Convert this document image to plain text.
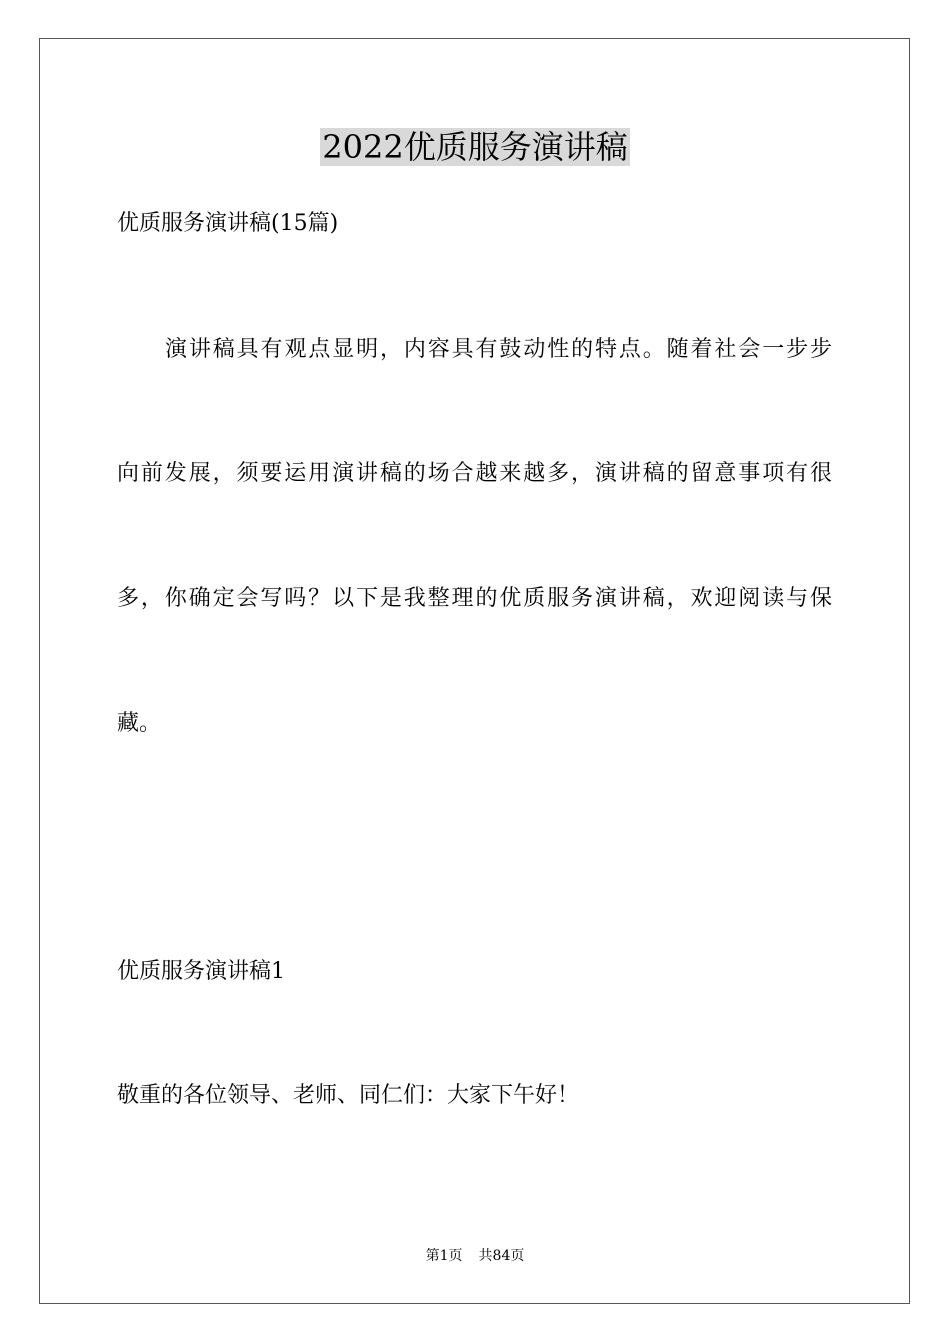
2022优质服务演讲稿
优质服务演讲稿(15篇)
演讲稿具有观点显明，内容具有鼓动性的特点。随着社会一步步
向前发展，须要运用演讲稿的场合越来越多，演讲稿的留意事项有很
多，你确定会写吗？以下是我整理的优质服务演讲稿，欢迎阅读与保
藏。
优质服务演讲稿1
敬重的各位领导、老师、同仁们：大家下午好！
第1页 共84页
